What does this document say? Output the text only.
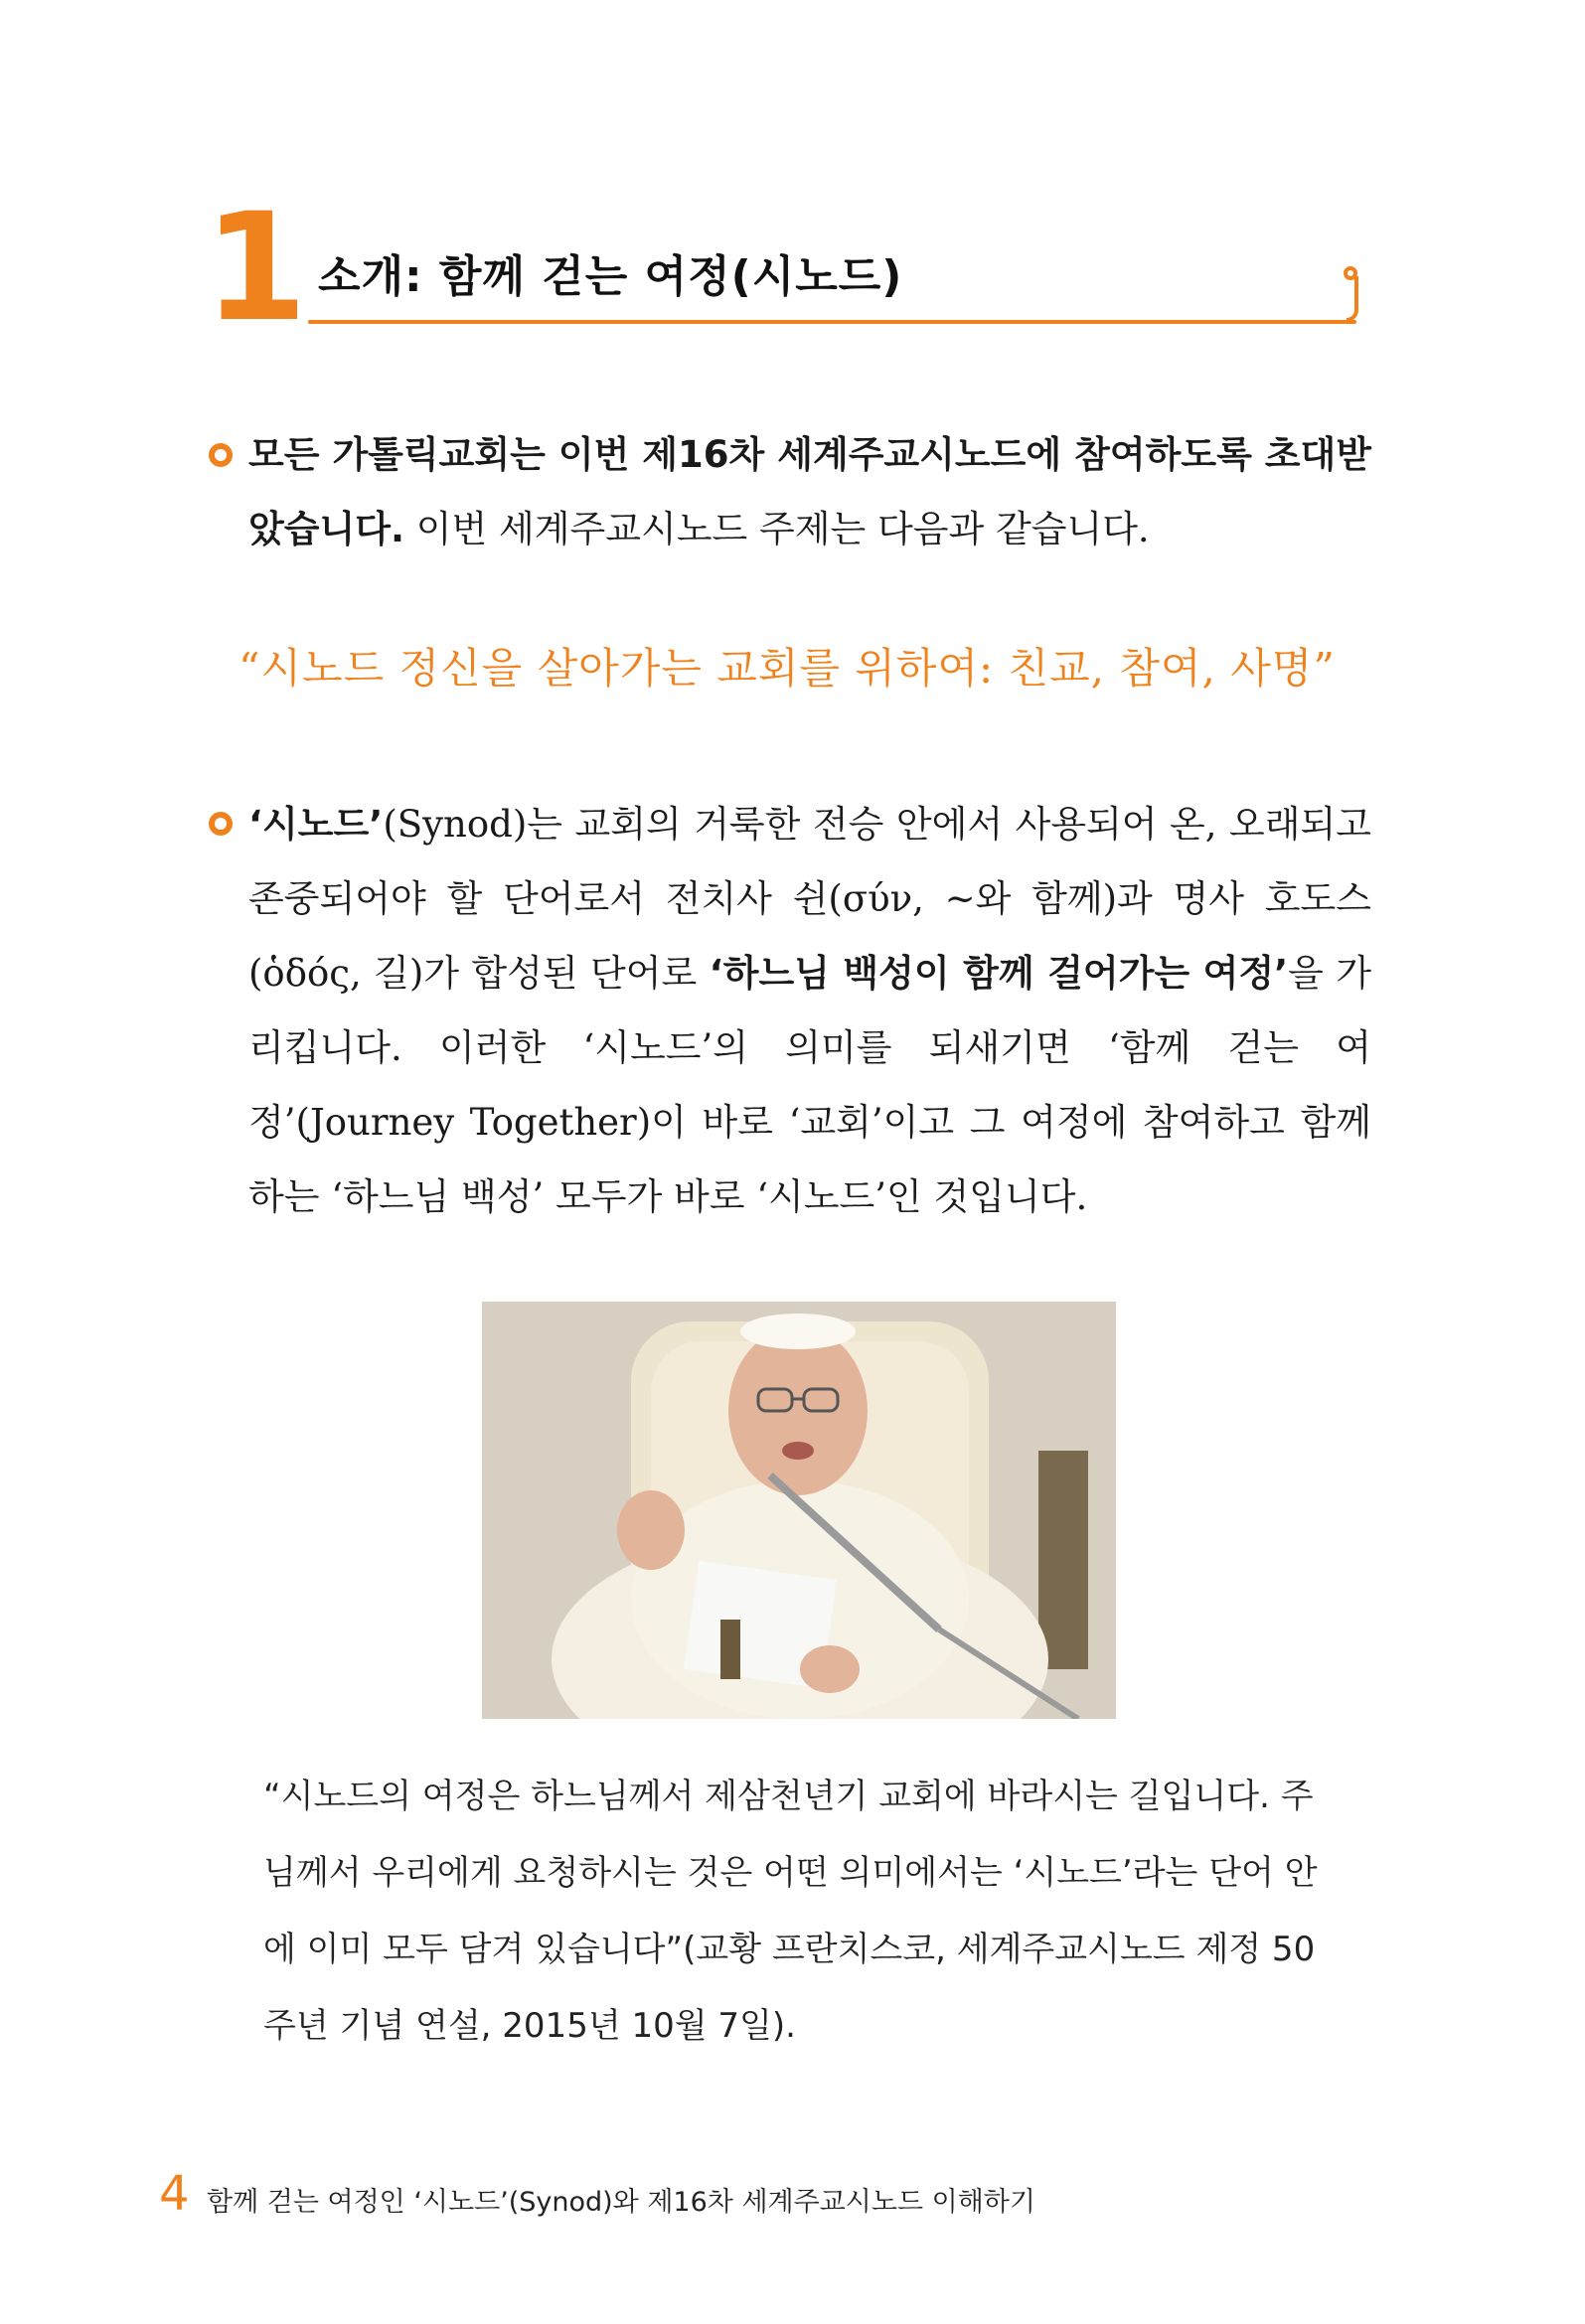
1 소개: 함께 걷는 여정(시노드)

모든 가톨릭교회는 이번 제16차 세계주교시노드에 참여하도록 초대받았습니다. 이번 세계주교시노드 주제는 다음과 같습니다.

“시노드 정신을 살아가는 교회를 위하여: 친교, 참여, 사명”

‘시노드’(Synod)는 교회의 거룩한 전승 안에서 사용되어 온, 오래되고 존중되어야 할 단어로서 전치사 쉰(σύν, ~와 함께)과 명사 호도스(ὁδός, 길)가 합성된 단어로 ‘하느님 백성이 함께 걸어가는 여정’을 가리킵니다. 이러한 ‘시노드’의 의미를 되새기면 ‘함께 걷는 여정’(Journey Together)이 바로 ‘교회’이고 그 여정에 참여하고 함께하는 ‘하느님 백성’ 모두가 바로 ‘시노드’인 것입니다.

“시노드의 여정은 하느님께서 제삼천년기 교회에 바라시는 길입니다. 주님께서 우리에게 요청하시는 것은 어떤 의미에서는 ‘시노드’라는 단어 안에 이미 모두 담겨 있습니다”(교황 프란치스코, 세계주교시노드 제정 50주년 기념 연설, 2015년 10월 7일).

4 함께 걷는 여정인 ‘시노드’(Synod)와 제16차 세계주교시노드 이해하기
